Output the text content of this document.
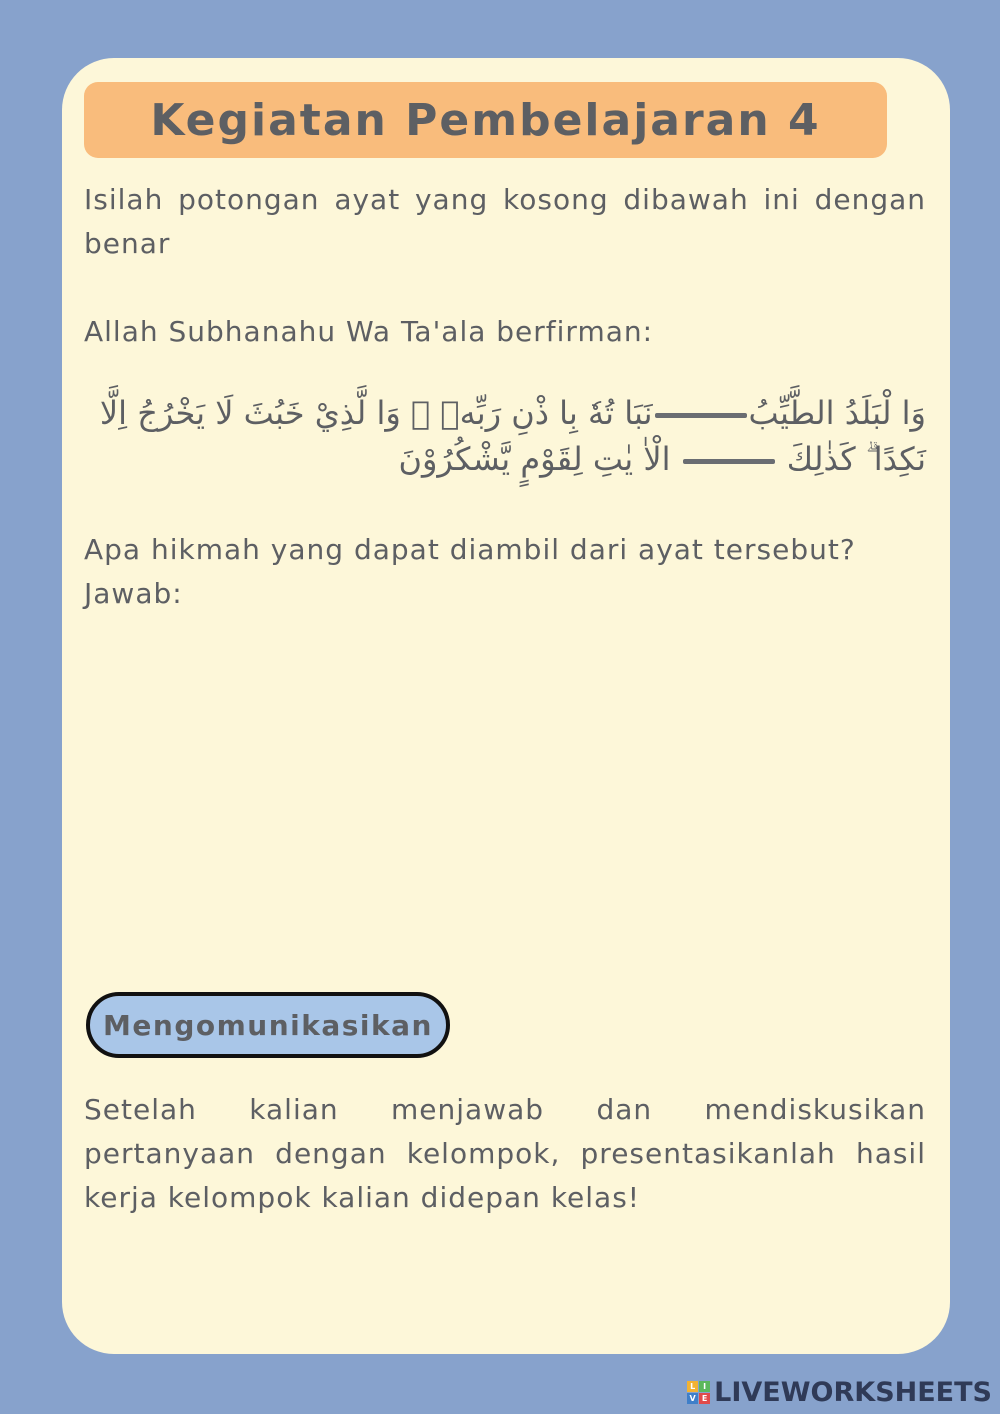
Kegiatan Pembelajaran 4
Isilah potongan ayat yang kosong dibawah ini dengan benar
Allah Subhanahu Wa Ta'ala berfirman:
وَا لْبَلَدُ الطَّيِّبُنَبَا تُهٗ بِا ذْنِ رَبِّهٖ ۚ وَا لَّذِيْ خَبُثَ لَا يَخْرُجُ اِلَّا
نَكِدًا ۗ كَذٰلِكَ  الْاٰ يٰتِ لِقَوْمٍ يَّشْكُرُوْنَ
Apa hikmah yang dapat diambil dari ayat tersebut?
Jawab:
Mengomunikasikan
Setelah kalian menjawab dan mendiskusikan pertanyaan dengan kelompok, presentasikanlah hasil kerja kelompok kalian didepan kelas!
L I
V E LIVEWORKSHEETS
